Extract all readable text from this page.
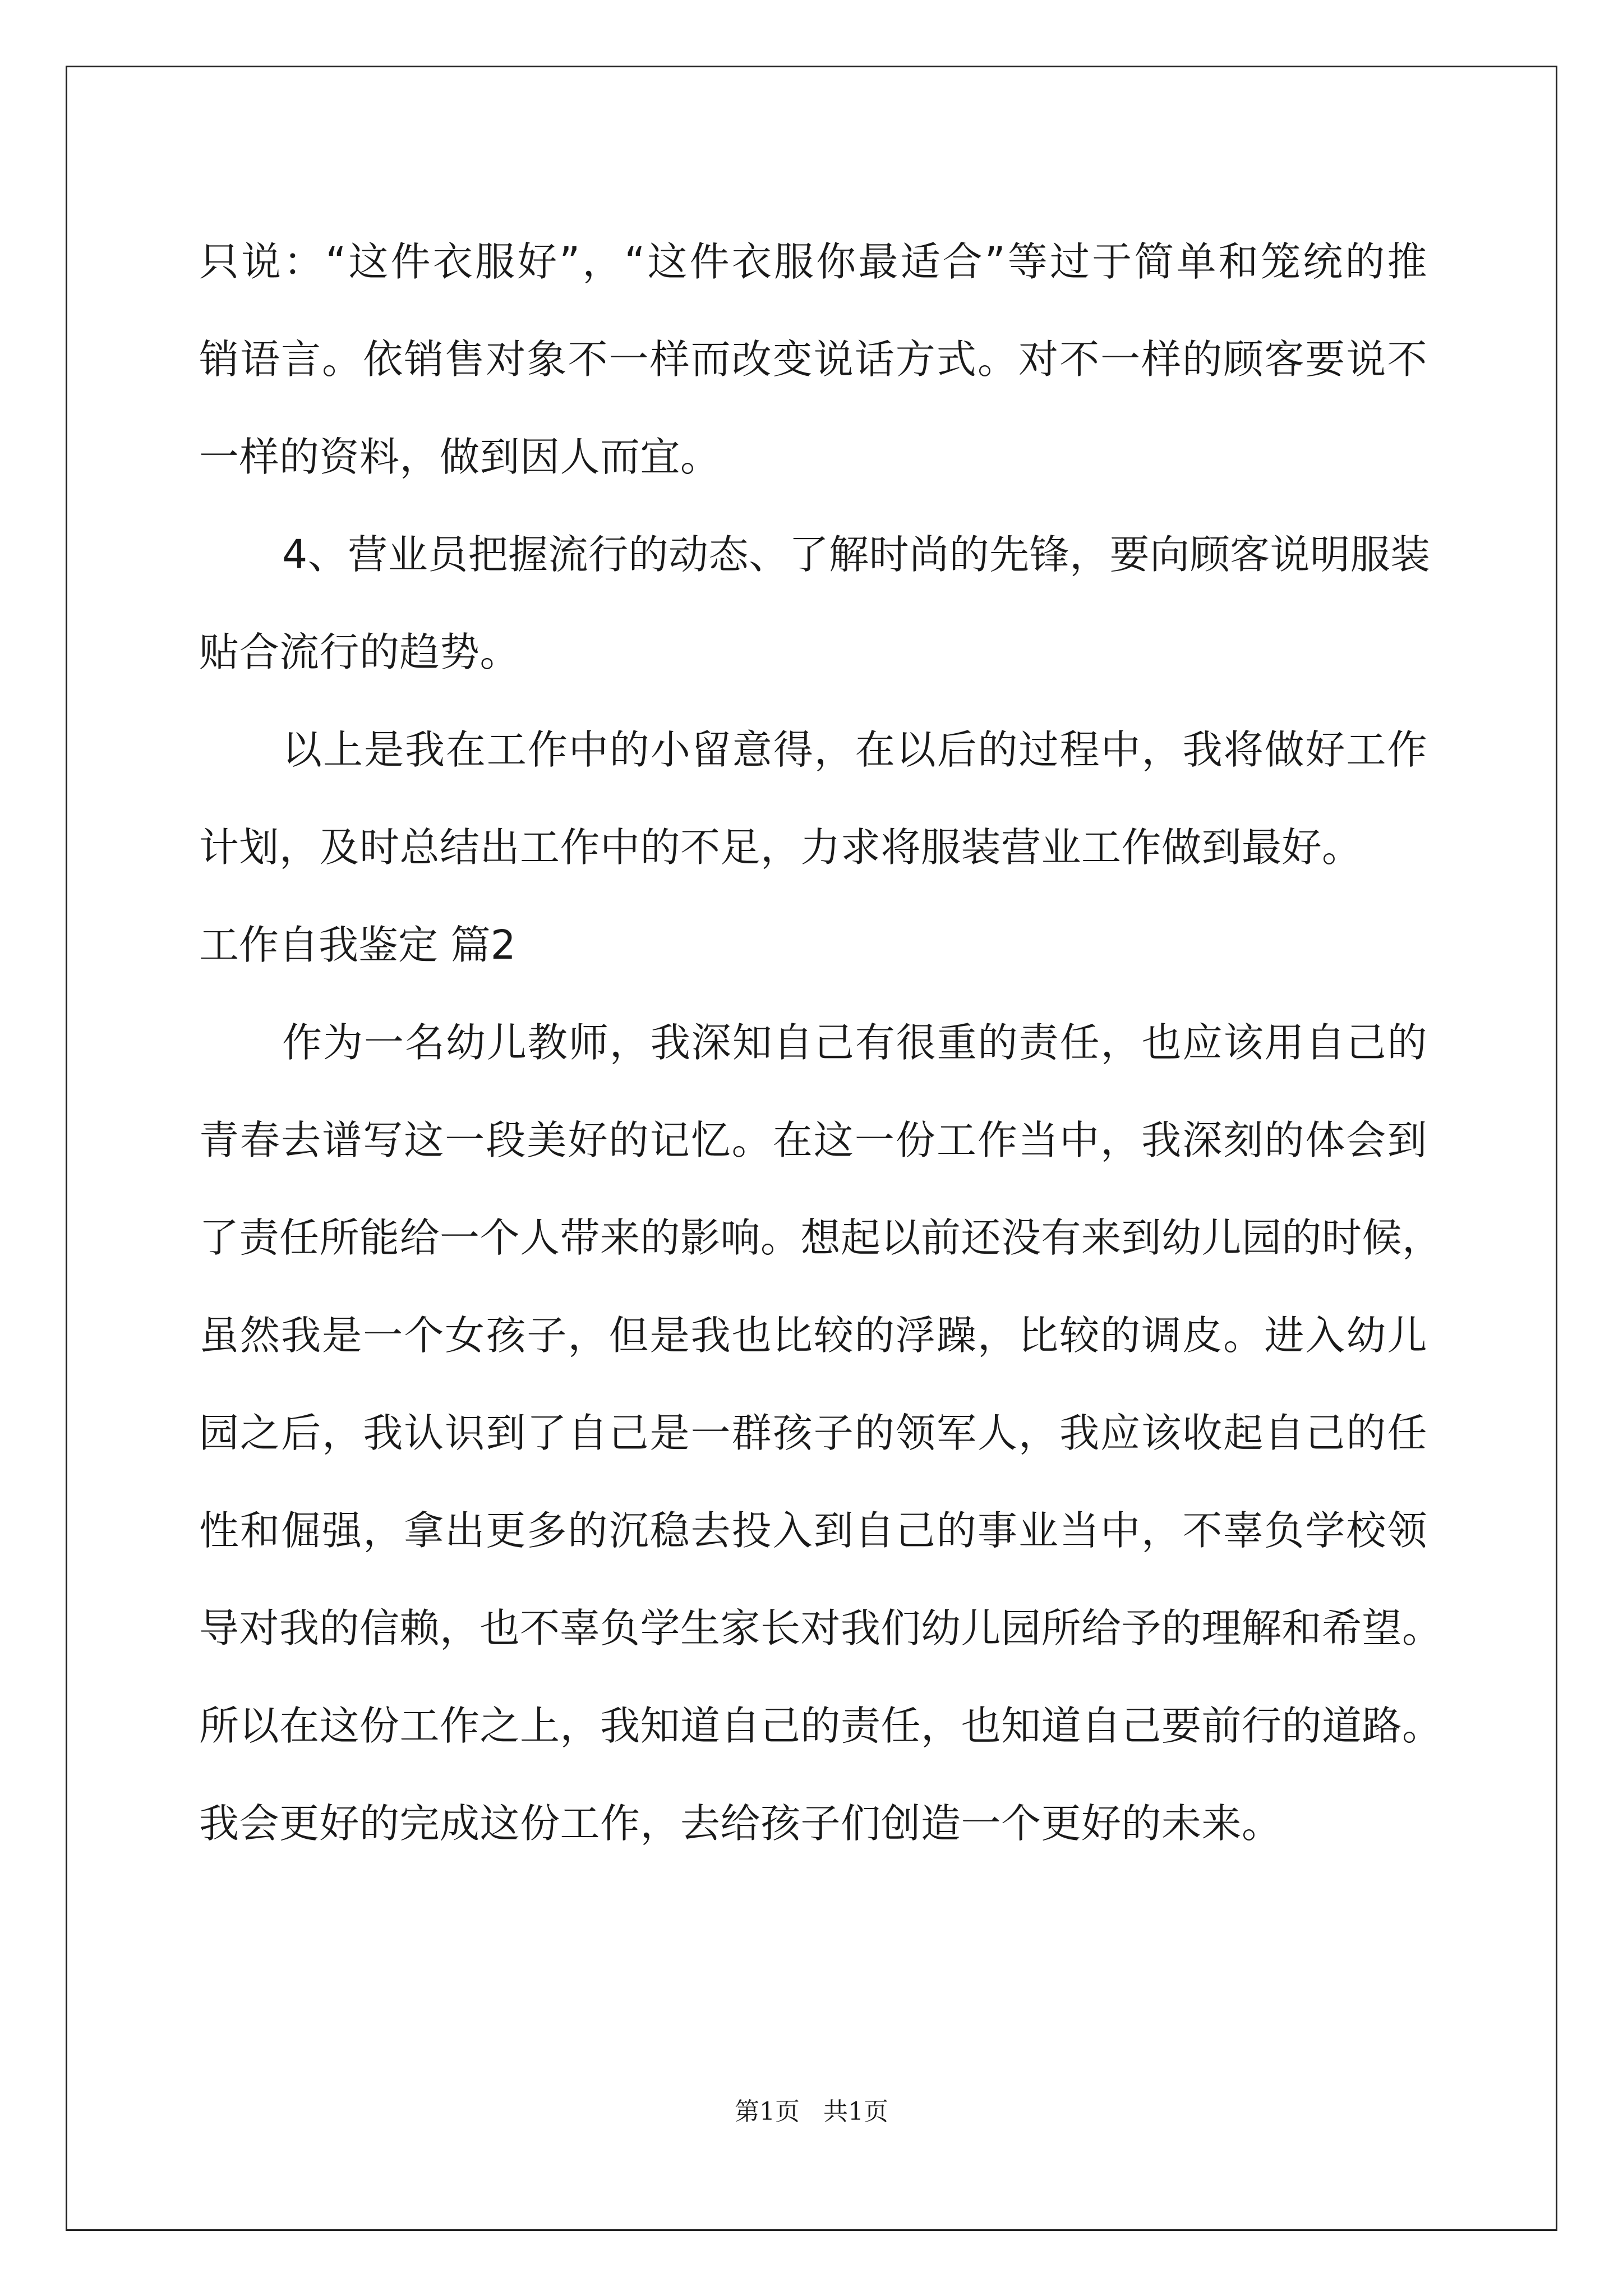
只说：“这件衣服好”，“这件衣服你最适合”等过于简单和笼统的推
销语言。依销售对象不一样而改变说话方式。对不一样的顾客要说不
一样的资料，做到因人而宜。
4、营业员把握流行的动态、了解时尚的先锋，要向顾客说明服装
贴合流行的趋势。
以上是我在工作中的小留意得，在以后的过程中，我将做好工作
计划，及时总结出工作中的不足，力求将服装营业工作做到最好。
工作自我鉴定 篇2
作为一名幼儿教师，我深知自己有很重的责任，也应该用自己的
青春去谱写这一段美好的记忆。在这一份工作当中，我深刻的体会到
了责任所能给一个人带来的影响。想起以前还没有来到幼儿园的时候，
虽然我是一个女孩子，但是我也比较的浮躁，比较的调皮。进入幼儿
园之后，我认识到了自己是一群孩子的领军人，我应该收起自己的任
性和倔强，拿出更多的沉稳去投入到自己的事业当中，不辜负学校领
导对我的信赖，也不辜负学生家长对我们幼儿园所给予的理解和希望。
所以在这份工作之上，我知道自己的责任，也知道自己要前行的道路。
我会更好的完成这份工作，去给孩子们创造一个更好的未来。
第1页 共1页
